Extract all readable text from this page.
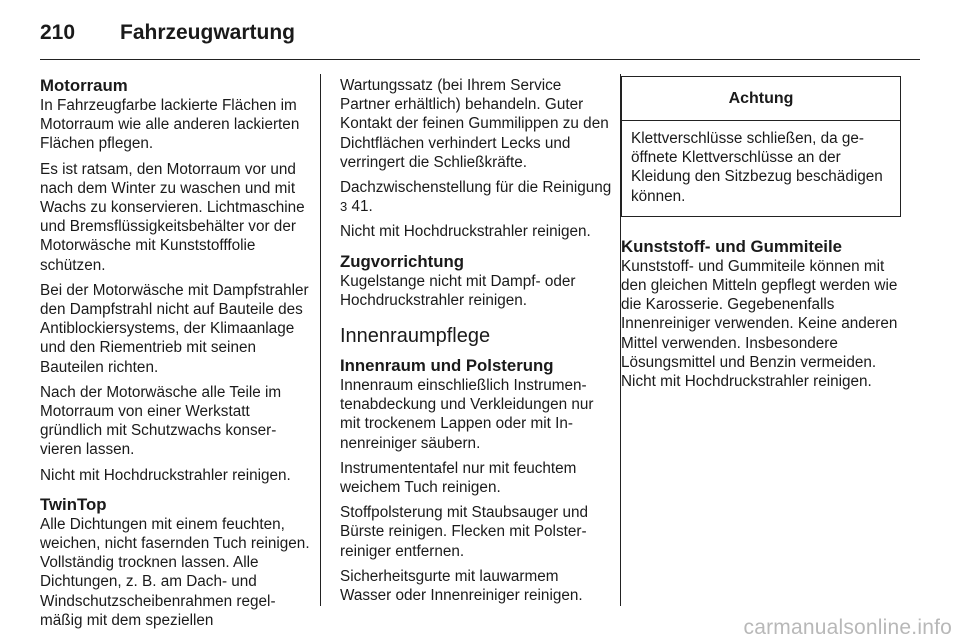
210 Fahrzeugwartung
Motorraum

In Fahrzeugfarbe lackierte Flächen im Motorraum wie alle anderen lackierten Flächen pflegen.

Es ist ratsam, den Motorraum vor und nach dem Winter zu waschen und mit Wachs zu konservieren. Lichtmaschine und Bremsflüssigkeitsbehälter vor der Motorwäsche mit Kunststofffolie schützen.

Bei der Motorwäsche mit Dampfstrahler den Dampfstrahl nicht auf Bauteile des Antiblockiersystems, der Klimaanlage und den Riementrieb mit seinen Bauteilen richten.

Nach der Motorwäsche alle Teile im Motorraum von einer Werkstatt gründlich mit Schutzwachs konservieren lassen.

Nicht mit Hochdruckstrahler reinigen.

TwinTop

Alle Dichtungen mit einem feuchten, weichen, nicht fasernden Tuch reinigen. Vollständig trocknen lassen. Alle Dichtungen, z. B. am Dach- und Windschutzscheibenrahmen regelmäßig mit dem speziellen

Wartungssatz (bei Ihrem Service Partner erhältlich) behandeln. Guter Kontakt der feinen Gummilippen zu den Dichtflächen verhindert Lecks und verringert die Schließkräfte.

Dachzwischenstellung für die Reinigung 3 41.

Nicht mit Hochdruckstrahler reinigen.

Zugvorrichtung

Kugelstange nicht mit Dampf- oder Hochdruckstrahler reinigen.

Innenraumpflege
Innenraum und Polsterung

Innenraum einschließlich Instrumentenabdeckung und Verkleidungen nur mit trockenem Lappen oder mit Innenreiniger säubern.

Instrumententafel nur mit feuchtem weichem Tuch reinigen.

Stoffpolsterung mit Staubsauger und Bürste reinigen. Flecken mit Polsterreiniger entfernen.

Sicherheitsgurte mit lauwarmem Wasser oder Innenreiniger reinigen.

Achtung
Klettverschlüsse schließen, da geöffnete Klettverschlüsse an der Kleidung den Sitzbezug beschädigen können.
Kunststoff- und Gummiteile

Kunststoff- und Gummiteile können mit den gleichen Mitteln gepflegt werden wie die Karosserie. Gegebenenfalls Innenreiniger verwenden. Keine anderen Mittel verwenden. Insbesondere Lösungsmittel und Benzin vermeiden. Nicht mit Hochdruckstrahler reinigen.

carmanualsonline.info
